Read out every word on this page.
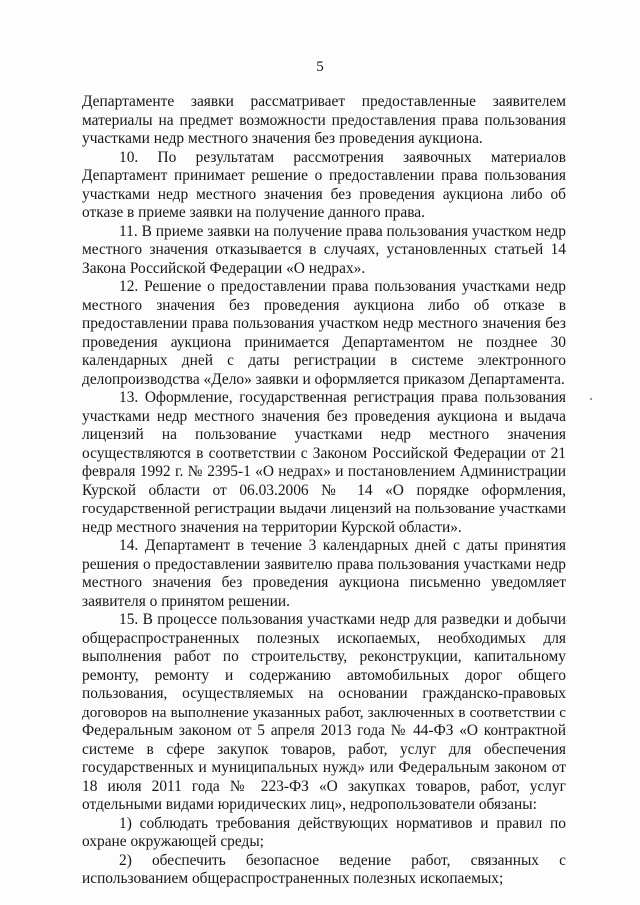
5
Департаменте заявки рассматривает предоставленные заявителем
материалы на предмет возможности предоставления права пользования
участками недр местного значения без проведения аукциона.
10. По результатам рассмотрения заявочных материалов
Департамент принимает решение о предоставлении права пользования
участками недр местного значения без проведения аукциона либо об
отказе в приеме заявки на получение данного права.
11. В приеме заявки на получение права пользования участком недр
местного значения отказывается в случаях, установленных статьей 14
Закона Российской Федерации «О недрах».
12. Решение о предоставлении права пользования участками недр
местного значения без проведения аукциона либо об отказе в
предоставлении права пользования участком недр местного значения без
проведения аукциона принимается Департаментом не позднее 30
календарных дней с даты регистрации в системе электронного
делопроизводства «Дело» заявки и оформляется приказом Департамента.
13. Оформление, государственная регистрация права пользования
участками недр местного значения без проведения аукциона и выдача
лицензий на пользование участками недр местного значения
осуществляются в соответствии с Законом Российской Федерации от 21
февраля 1992 г. № 2395-1 «О недрах» и постановлением Администрации
Курской области от 06.03.2006 № 14 «О порядке оформления,
государственной регистрации выдачи лицензий на пользование участками
недр местного значения на территории Курской области».
14. Департамент в течение 3 календарных дней с даты принятия
решения о предоставлении заявителю права пользования участками недр
местного значения без проведения аукциона письменно уведомляет
заявителя о принятом решении.
15. В процессе пользования участками недр для разведки и добычи
общераспространенных полезных ископаемых, необходимых для
выполнения работ по строительству, реконструкции, капитальному
ремонту, ремонту и содержанию автомобильных дорог общего
пользования, осуществляемых на основании гражданско-правовых
договоров на выполнение указанных работ, заключенных в соответствии с
Федеральным законом от 5 апреля 2013 года № 44-ФЗ «О контрактной
системе в сфере закупок товаров, работ, услуг для обеспечения
государственных и муниципальных нужд» или Федеральным законом от
18 июля 2011 года № 223-ФЗ «О закупках товаров, работ, услуг
отдельными видами юридических лиц», недропользователи обязаны:
1) соблюдать требования действующих нормативов и правил по
охране окружающей среды;
2) обеспечить безопасное ведение работ, связанных с
использованием общераспространенных полезных ископаемых;
